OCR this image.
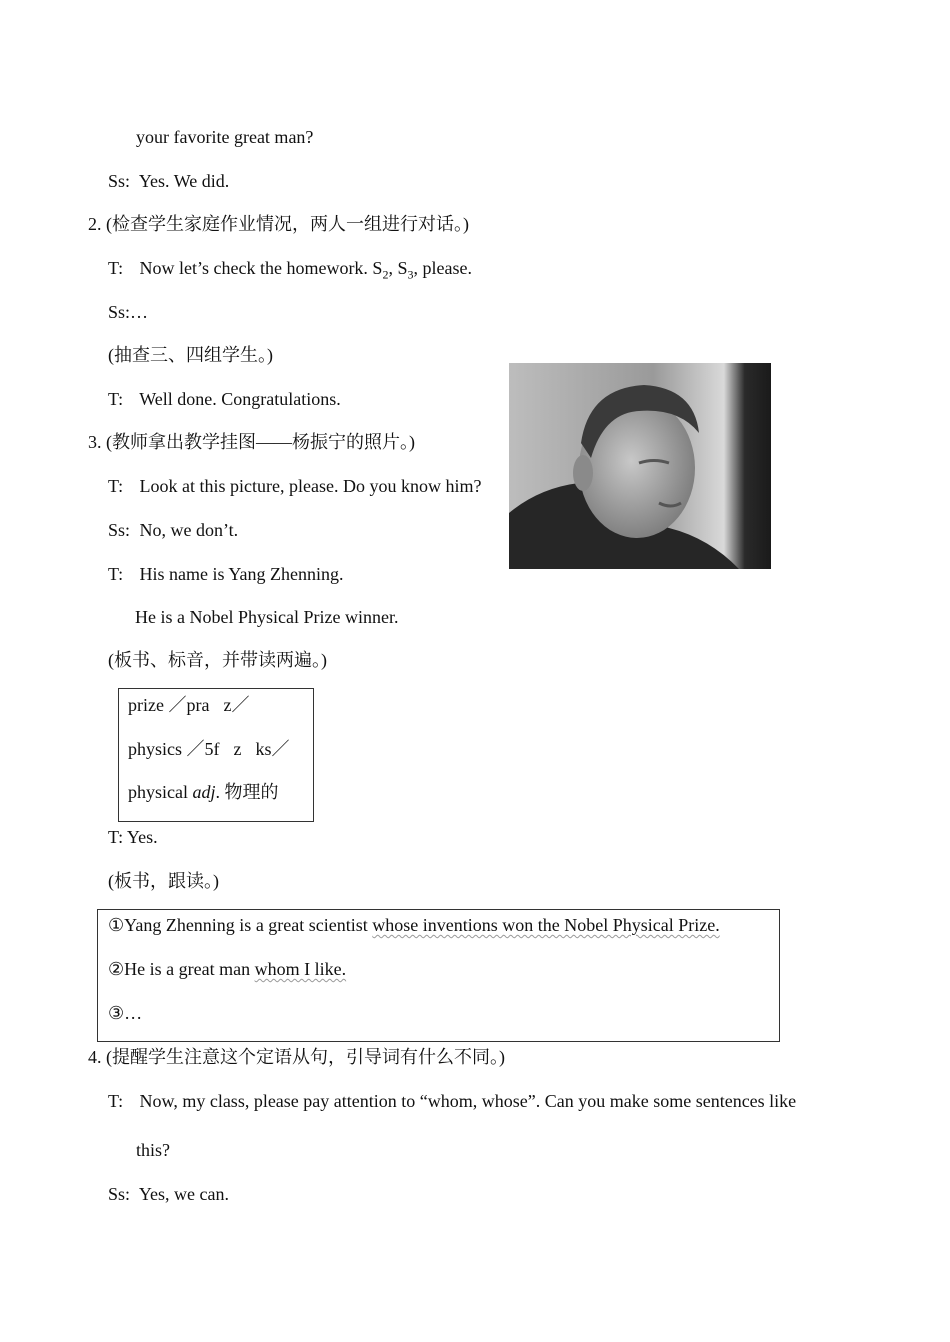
your favorite great man?
Ss: Yes. We did.
2. (检查学生家庭作业情况，两人一组进行对话。)
T: Now let’s check the homework. $S_2$, $S_3$, please.
Ss:…
(抽查三、四组学生。)
T: Well done. Congratulations.
3. (教师拿出教学挂图——杨振宁的照片。)
T: Look at this picture, please. Do you know him?
Ss: No, we don’t.
T: His name is Yang Zhenning.
He is a Nobel Physical Prize winner.
(板书、标音，并带读两遍。)
prize ／pra z／
physics ／5f z ks／
physical adj. 物理的
T: Yes.
(板书，跟读。)
①Yang Zhenning is a great scientist whose inventions won the Nobel Physical Prize.
②He is a great man whom I like.
③…
4. (提醒学生注意这个定语从句，引导词有什么不同。)
T: Now, my class, please pay attention to “whom, whose”. Can you make some sentences like
this?
Ss: Yes, we can.
